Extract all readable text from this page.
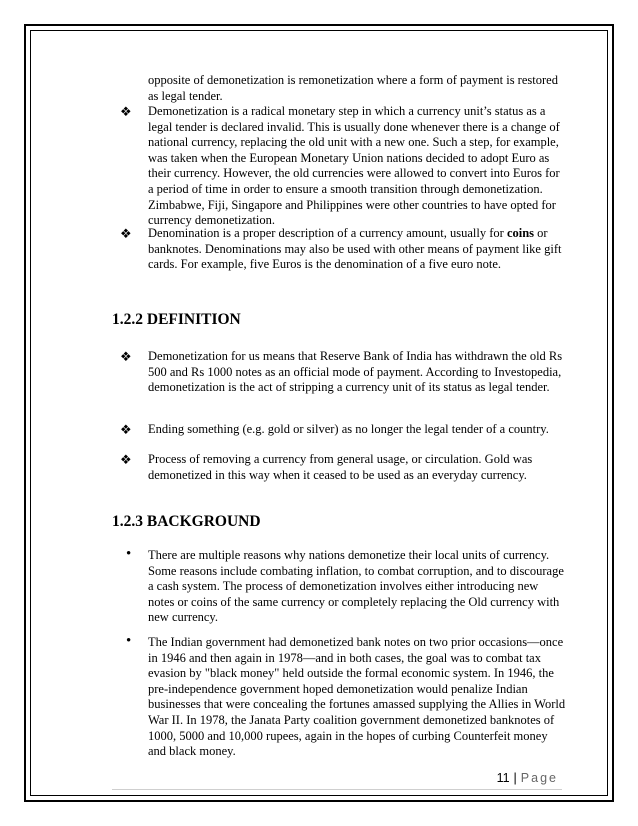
opposite of demonetization is remonetization where a form of payment is restored as legal tender.

❖ Demonetization is a radical monetary step in which a currency unit’s status as a legal tender is declared invalid. This is usually done whenever there is a change of national currency, replacing the old unit with a new one. Such a step, for example, was taken when the European Monetary Union nations decided to adopt Euro as their currency. However, the old currencies were allowed to convert into Euros for a period of time in order to ensure a smooth transition through demonetization. Zimbabwe, Fiji, Singapore and Philippines were other countries to have opted for currency demonetization.

❖ Denomination is a proper description of a currency amount, usually for coins or banknotes. Denominations may also be used with other means of payment like gift cards. For example, five Euros is the denomination of a five euro note.

1.2.2 DEFINITION
❖ Demonetization for us means that Reserve Bank of India has withdrawn the old Rs 500 and Rs 1000 notes as an official mode of payment. According to Investopedia, demonetization is the act of stripping a currency unit of its status as legal tender.

❖ Ending something (e.g. gold or silver) as no longer the legal tender of a country.

❖ Process of removing a currency from general usage, or circulation. Gold was demonetized in this way when it ceased to be used as an everyday currency.

1.2.3 BACKGROUND
• There are multiple reasons why nations demonetize their local units of currency. Some reasons include combating inflation, to combat corruption, and to discourage a cash system. The process of demonetization involves either introducing new notes or coins of the same currency or completely replacing the Old currency with new currency.

• The Indian government had demonetized bank notes on two prior occasions—once in 1946 and then again in 1978—and in both cases, the goal was to combat tax evasion by "black money" held outside the formal economic system. In 1946, the pre-independence government hoped demonetization would penalize Indian businesses that were concealing the fortunes amassed supplying the Allies in World War II. In 1978, the Janata Party coalition government demonetized banknotes of 1000, 5000 and 10,000 rupees, again in the hopes of curbing Counterfeit money and black money.

11 | Page
